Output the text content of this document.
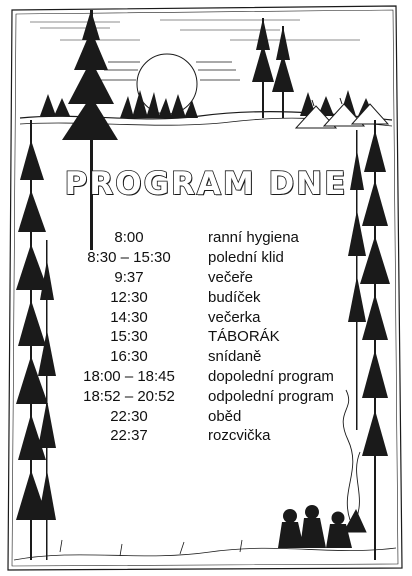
PROGRAM DNE
8:00	ranní hygiena
8:30 – 15:30	polední klid
9:37	večeře
12:30	budíček
14:30	večerka
15:30	TÁBORÁK
16:30	snídaně
18:00 – 18:45	dopolední program
18:52 – 20:52	odpolední program
22:30	oběd
22:37	rozcvička
